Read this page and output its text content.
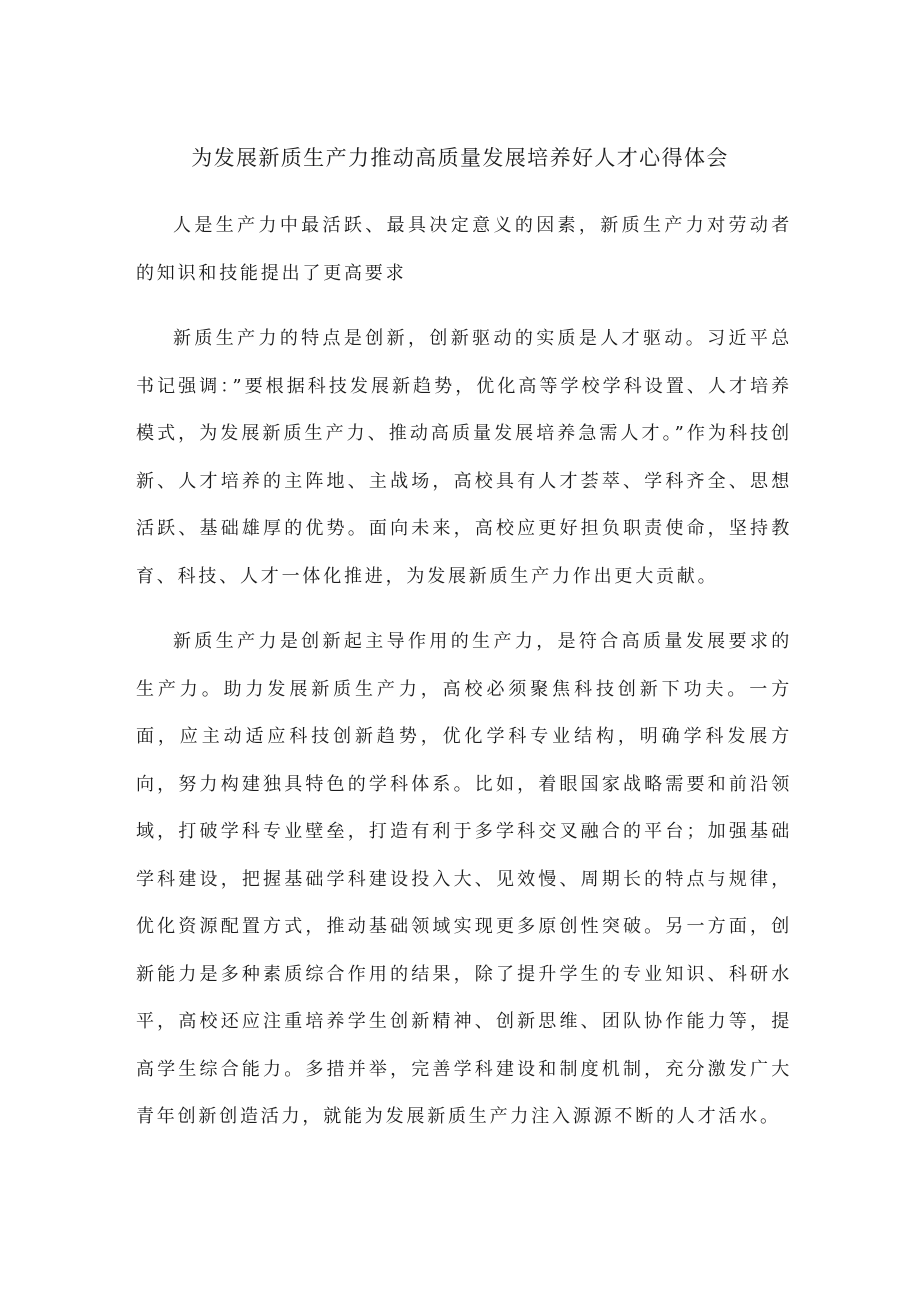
为发展新质生产力推动高质量发展培养好人才心得体会

人是生产力中最活跃、最具决定意义的因素，新质生产力对劳动者的知识和技能提出了更高要求

新质生产力的特点是创新，创新驱动的实质是人才驱动。习近平总书记强调：”要根据科技发展新趋势，优化高等学校学科设置、人才培养模式，为发展新质生产力、推动高质量发展培养急需人才。”作为科技创新、人才培养的主阵地、主战场，高校具有人才荟萃、学科齐全、思想活跃、基础雄厚的优势。面向未来，高校应更好担负职责使命，坚持教育、科技、人才一体化推进，为发展新质生产力作出更大贡献。

新质生产力是创新起主导作用的生产力，是符合高质量发展要求的生产力。助力发展新质生产力，高校必须聚焦科技创新下功夫。一方面，应主动适应科技创新趋势，优化学科专业结构，明确学科发展方向，努力构建独具特色的学科体系。比如，着眼国家战略需要和前沿领域，打破学科专业壁垒，打造有利于多学科交叉融合的平台；加强基础学科建设，把握基础学科建设投入大、见效慢、周期长的特点与规律，优化资源配置方式，推动基础领域实现更多原创性突破。另一方面，创新能力是多种素质综合作用的结果，除了提升学生的专业知识、科研水平，高校还应注重培养学生创新精神、创新思维、团队协作能力等，提高学生综合能力。多措并举，完善学科建设和制度机制，充分激发广大青年创新创造活力，就能为发展新质生产力注入源源不断的人才活水。
